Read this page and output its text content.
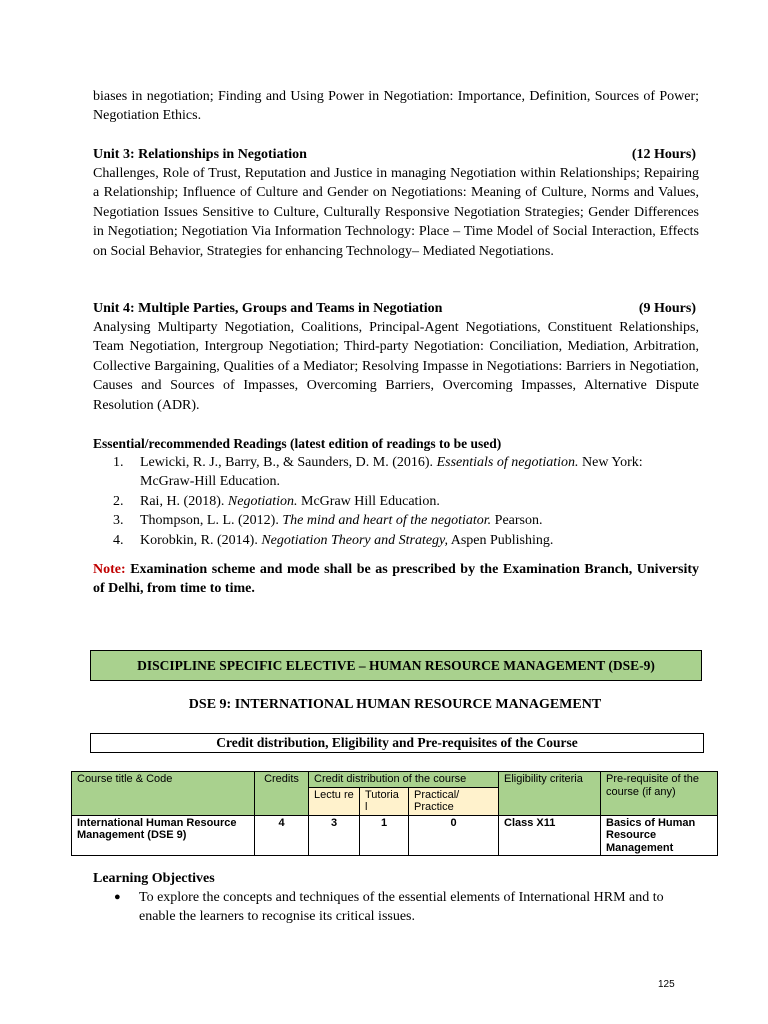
biases in negotiation; Finding and Using Power in Negotiation: Importance, Definition, Sources of Power; Negotiation Ethics.
Unit 3: Relationships in Negotiation	(12 Hours)
Challenges, Role of Trust, Reputation and Justice in managing Negotiation within Relationships; Repairing a Relationship; Influence of Culture and Gender on Negotiations: Meaning of Culture, Norms and Values, Negotiation Issues Sensitive to Culture, Culturally Responsive Negotiation Strategies; Gender Differences in Negotiation; Negotiation Via Information Technology: Place – Time Model of Social Interaction, Effects on Social Behavior, Strategies for enhancing Technology– Mediated Negotiations.
Unit 4: Multiple Parties, Groups and Teams in Negotiation	(9 Hours)
Analysing Multiparty Negotiation, Coalitions, Principal-Agent Negotiations, Constituent Relationships, Team Negotiation, Intergroup Negotiation; Third-party Negotiation: Conciliation, Mediation, Arbitration, Collective Bargaining, Qualities of a Mediator; Resolving Impasse in Negotiations: Barriers in Negotiation, Causes and Sources of Impasses, Overcoming Barriers, Overcoming Impasses, Alternative Dispute Resolution (ADR).
Essential/recommended Readings (latest edition of readings to be used)
1. Lewicki, R. J., Barry, B., & Saunders, D. M. (2016). Essentials of negotiation. New York: McGraw-Hill Education.
2. Rai, H. (2018). Negotiation. McGraw Hill Education.
3. Thompson, L. L. (2012). The mind and heart of the negotiator. Pearson.
4. Korobkin, R. (2014). Negotiation Theory and Strategy, Aspen Publishing.
Note: Examination scheme and mode shall be as prescribed by the Examination Branch, University of Delhi, from time to time.
DISCIPLINE SPECIFIC ELECTIVE – HUMAN RESOURCE MANAGEMENT (DSE-9)
DSE 9: INTERNATIONAL HUMAN RESOURCE MANAGEMENT
Credit distribution, Eligibility and Pre-requisites of the Course
Course title & Code	Credits	Credit distribution of the course			Eligibility criteria	Pre-requisite of the course (if any)
		Lectu re	Tutoria l	Practical/ Practice		
International Human Resource Management (DSE 9)	4	3	1	0	Class X11	Basics of Human Resource Management
Learning Objectives
● To explore the concepts and techniques of the essential elements of International HRM and to enable the learners to recognise its critical issues.
125
